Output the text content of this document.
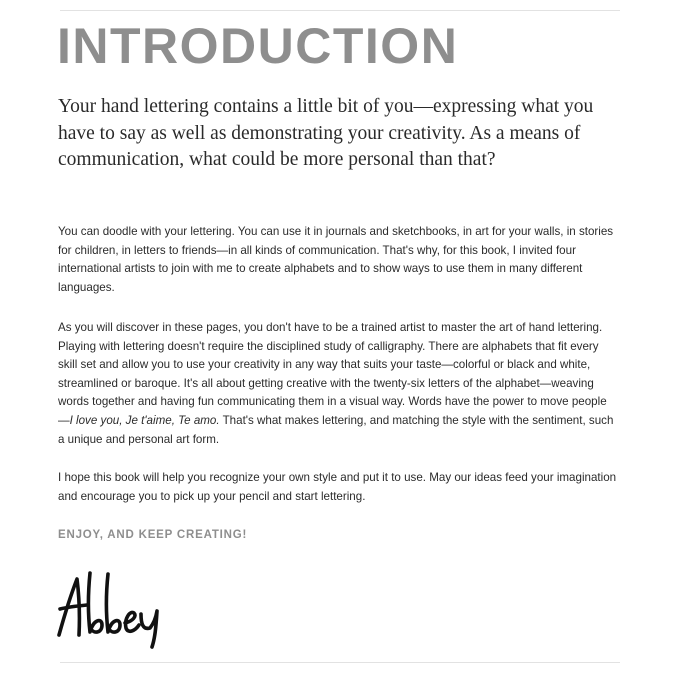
INTRODUCTION

Your hand lettering contains a little bit of you—expressing what you have to say as well as demonstrating your creativity. As a means of communication, what could be more personal than that?

You can doodle with your lettering. You can use it in journals and sketchbooks, in art for your walls, in stories for children, in letters to friends—in all kinds of communication. That's why, for this book, I invited four international artists to join with me to create alphabets and to show ways to use them in many different languages.

As you will discover in these pages, you don't have to be a trained artist to master the art of hand lettering. Playing with lettering doesn't require the disciplined study of calligraphy. There are alphabets that fit every skill set and allow you to use your creativity in any way that suits your taste—colorful or black and white, streamlined or baroque. It's all about getting creative with the twenty-six letters of the alphabet—weaving words together and having fun communicating them in a visual way. Words have the power to move people—I love you, Je t'aime, Te amo. That's what makes lettering, and matching the style with the sentiment, such a unique and personal art form.

I hope this book will help you recognize your own style and put it to use. May our ideas feed your imagination and encourage you to pick up your pencil and start lettering.

ENJOY, AND KEEP CREATING!
